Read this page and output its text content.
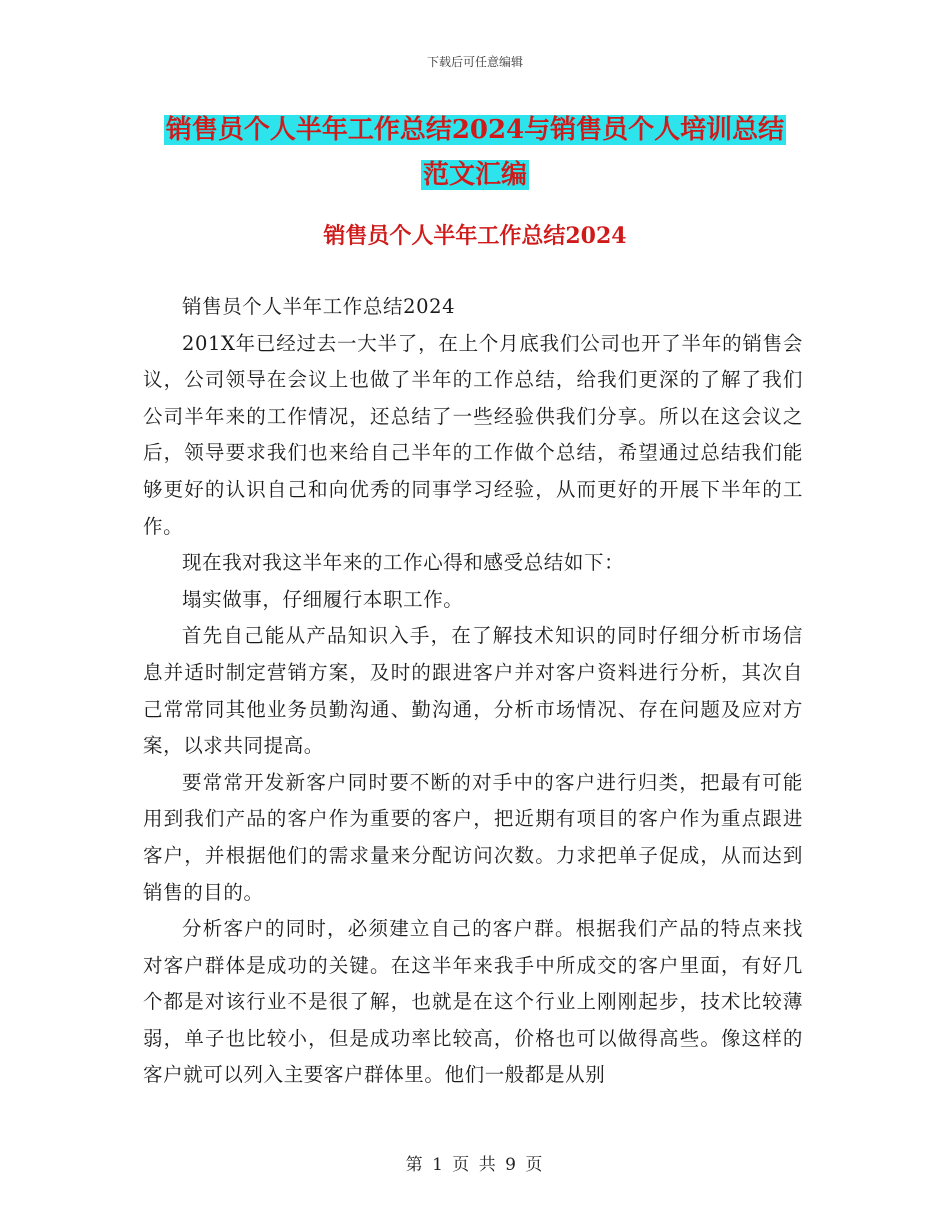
下载后可任意编辑
销售员个人半年工作总结2024与销售员个人培训总结
范文汇编
销售员个人半年工作总结2024

销售员个人半年工作总结2024

201X年已经过去一大半了，在上个月底我们公司也开了半年的销售会议，公司领导在会议上也做了半年的工作总结，给我们更深的了解了我们公司半年来的工作情况，还总结了一些经验供我们分享。所以在这会议之后，领导要求我们也来给自己半年的工作做个总结，希望通过总结我们能够更好的认识自己和向优秀的同事学习经验，从而更好的开展下半年的工作。

现在我对我这半年来的工作心得和感受总结如下：

塌实做事，仔细履行本职工作。

首先自己能从产品知识入手，在了解技术知识的同时仔细分析市场信息并适时制定营销方案，及时的跟进客户并对客户资料进行分析，其次自己常常同其他业务员勤沟通、勤沟通，分析市场情况、存在问题及应对方案，以求共同提高。

要常常开发新客户同时要不断的对手中的客户进行归类，把最有可能用到我们产品的客户作为重要的客户，把近期有项目的客户作为重点跟进客户，并根据他们的需求量来分配访问次数。力求把单子促成，从而达到销售的目的。

分析客户的同时，必须建立自己的客户群。根据我们产品的特点来找对客户群体是成功的关键。在这半年来我手中所成交的客户里面，有好几个都是对该行业不是很了解，也就是在这个行业上刚刚起步，技术比较薄弱，单子也比较小，但是成功率比较高，价格也可以做得高些。像这样的客户就可以列入主要客户群体里。他们一般都是从别

第 1 页 共 9 页
